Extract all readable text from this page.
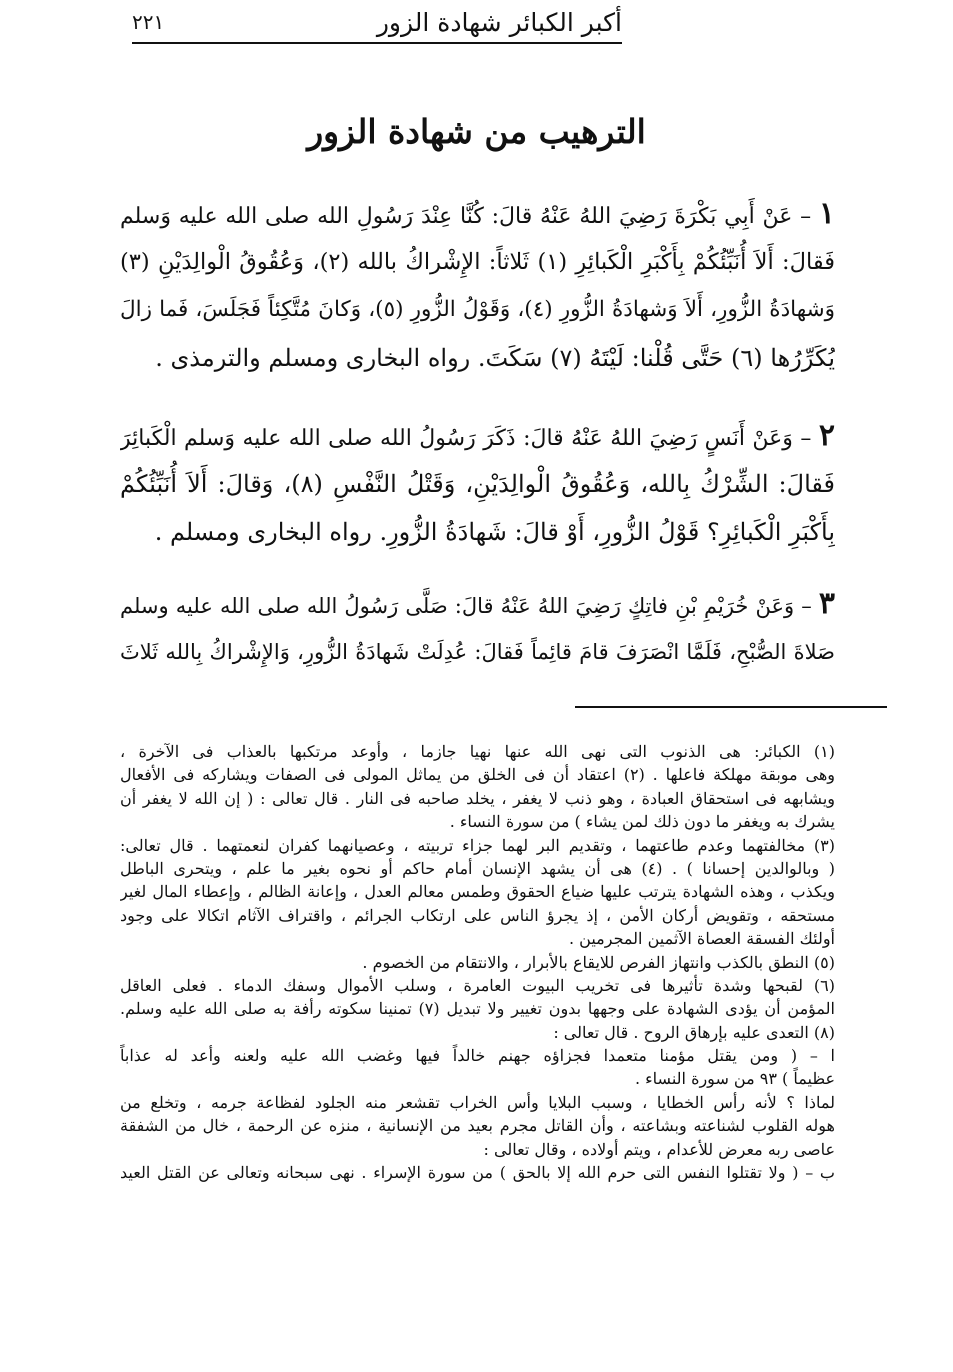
أكبر الكبائر شهادة الزور
٢٢١
الترهيب من شهادة الزور
١ – عَنْ أَبِي بَكْرَةَ رَضِيَ اللهُ عَنْهُ قالَ: كُنَّا عِنْدَ رَسُولِ الله صلى الله عليه وَسلم
فَقالَ: أَلاَ أُنَبِّئُكُمْ بِأَكْبَرِ الْكَبائِرِ (١) ثَلاثاً: الإِشْراكُ بالله (٢)، وَعُقُوقُ الْوالِدَيْنِ (٣)
وَشهادَةُ الزُّورِ، أَلاَ وَشهادَةُ الزُّورِ (٤)، وَقَوْلُ الزُّورِ (٥)، وَكانَ مُتَّكِئاً فَجَلَسَ، فَما زالَ
يُكَرِّرُها (٦) حَتَّى قُلْنا: لَيْتَهُ (٧) سَكَتَ. رواه البخارى ومسلم والترمذى .
٢ – وَعَنْ أَنَسٍ رَضِيَ اللهُ عَنْهُ قالَ: ذَكَرَ رَسُولُ الله صلى الله عليه وَسلم الْكَبائِرَ
فَقالَ: الشِّرْكُ بِالله، وَعُقُوقُ الْوالِدَيْنِ، وَقَتْلُ النَّفْسِ (٨)، وَقالَ: أَلاَ أُنَبِّئُكُمْ
بِأَكْبَرِ الْكَبائِرِ؟ قَوْلُ الزُّورِ، أَوْ قالَ: شَهادَةُ الزُّورِ. رواه البخارى ومسلم .
٣ – وَعَنْ خُرَيْمِ بْنِ فاتِكٍ رَضِيَ اللهُ عَنْهُ قالَ: صَلَّى رَسُولُ الله صلى الله عليه وسلم
صَلاةَ الصُّبْحِ، فَلَمَّا انْصَرَفَ قامَ قائِماً فَقالَ: عُدِلَتْ شَهادَةُ الزُّورِ، وَالإِشْراكُ بِالله ثَلاثَ
(١) الكبائر: هى الذنوب التى نهى الله عنها نهيا جازما ، وأوعد مرتكبها بالعذاب فى الآخرة ،
وهى موبقة مهلكة فاعلها . (٢) اعتقاد أن فى الخلق من يماثل المولى فى الصفات ويشاركه فى الأفعال
ويشابهه فى استحقاق العبادة ، وهو ذنب لا يغفر ، يخلد صاحبه فى النار . قال تعالى : ( إن الله لا يغفر أن
يشرك به ويغفر ما دون ذلك لمن يشاء ) من سورة النساء .
(٣) مخالفتهما وعدم طاعتهما ، وتقديم البر لهما جزاء تربيته ، وعصيانهما كفران لنعمتهما . قال تعالى:
( وبالوالدين إحسانا ) . (٤) هى أن يشهد الإنسان أمام حاكم أو نحوه بغير ما علم ، ويتحرى الباطل
ويكذب ، وهذه الشهادة يترتب عليها ضياع الحقوق وطمس معالم العدل ، وإعانة الظالم ، وإعطاء المال لغير
مستحقه ، وتقويض أركان الأمن ، إذ يجرؤ الناس على ارتكاب الجرائم ، واقتراف الآثام اتكالا على وجود
أولئك الفسقة العصاة الآثمين المجرمين .
(٥) النطق بالكذب وانتهاز الفرص للايقاع بالأبرار ، والانتقام من الخصوم .
(٦) لقبحها وشدة تأثيرها فى تخريب البيوت العامرة ، وسلب الأموال وسفك الدماء . فعلى العاقل
المؤمن أن يؤدى الشهادة على وجهها بدون تغيير ولا تبديل (٧) تمنينا سكوته رأفة به صلى الله عليه وسلم.
(٨) التعدى عليه بإرهاق الروح . قال تعالى :
ا – ( ومن يقتل مؤمنا متعمدا فجزاؤه جهنم خالداً فيها وغضب الله عليه ولعنه وأعد له عذاباً
عظيماً ) ٩٣ من سورة النساء .
لماذا ؟ لأنه رأس الخطايا ، وسبب البلايا وأس الخراب تقشعر منه الجلود لفظاعة جرمه ، وتخلع من
هوله القلوب لشناعته وبشاعته ، وأن القاتل مجرم بعيد من الإنسانية ، منزه عن الرحمة ، خال من الشفقة
عاصى ربه معرض للأعدام ، ويتم أولاده ، وقال تعالى :
ب – ( ولا تقتلوا النفس التى حرم الله إلا بالحق ) من سورة الإسراء . نهى سبحانه وتعالى عن القتل العيد
